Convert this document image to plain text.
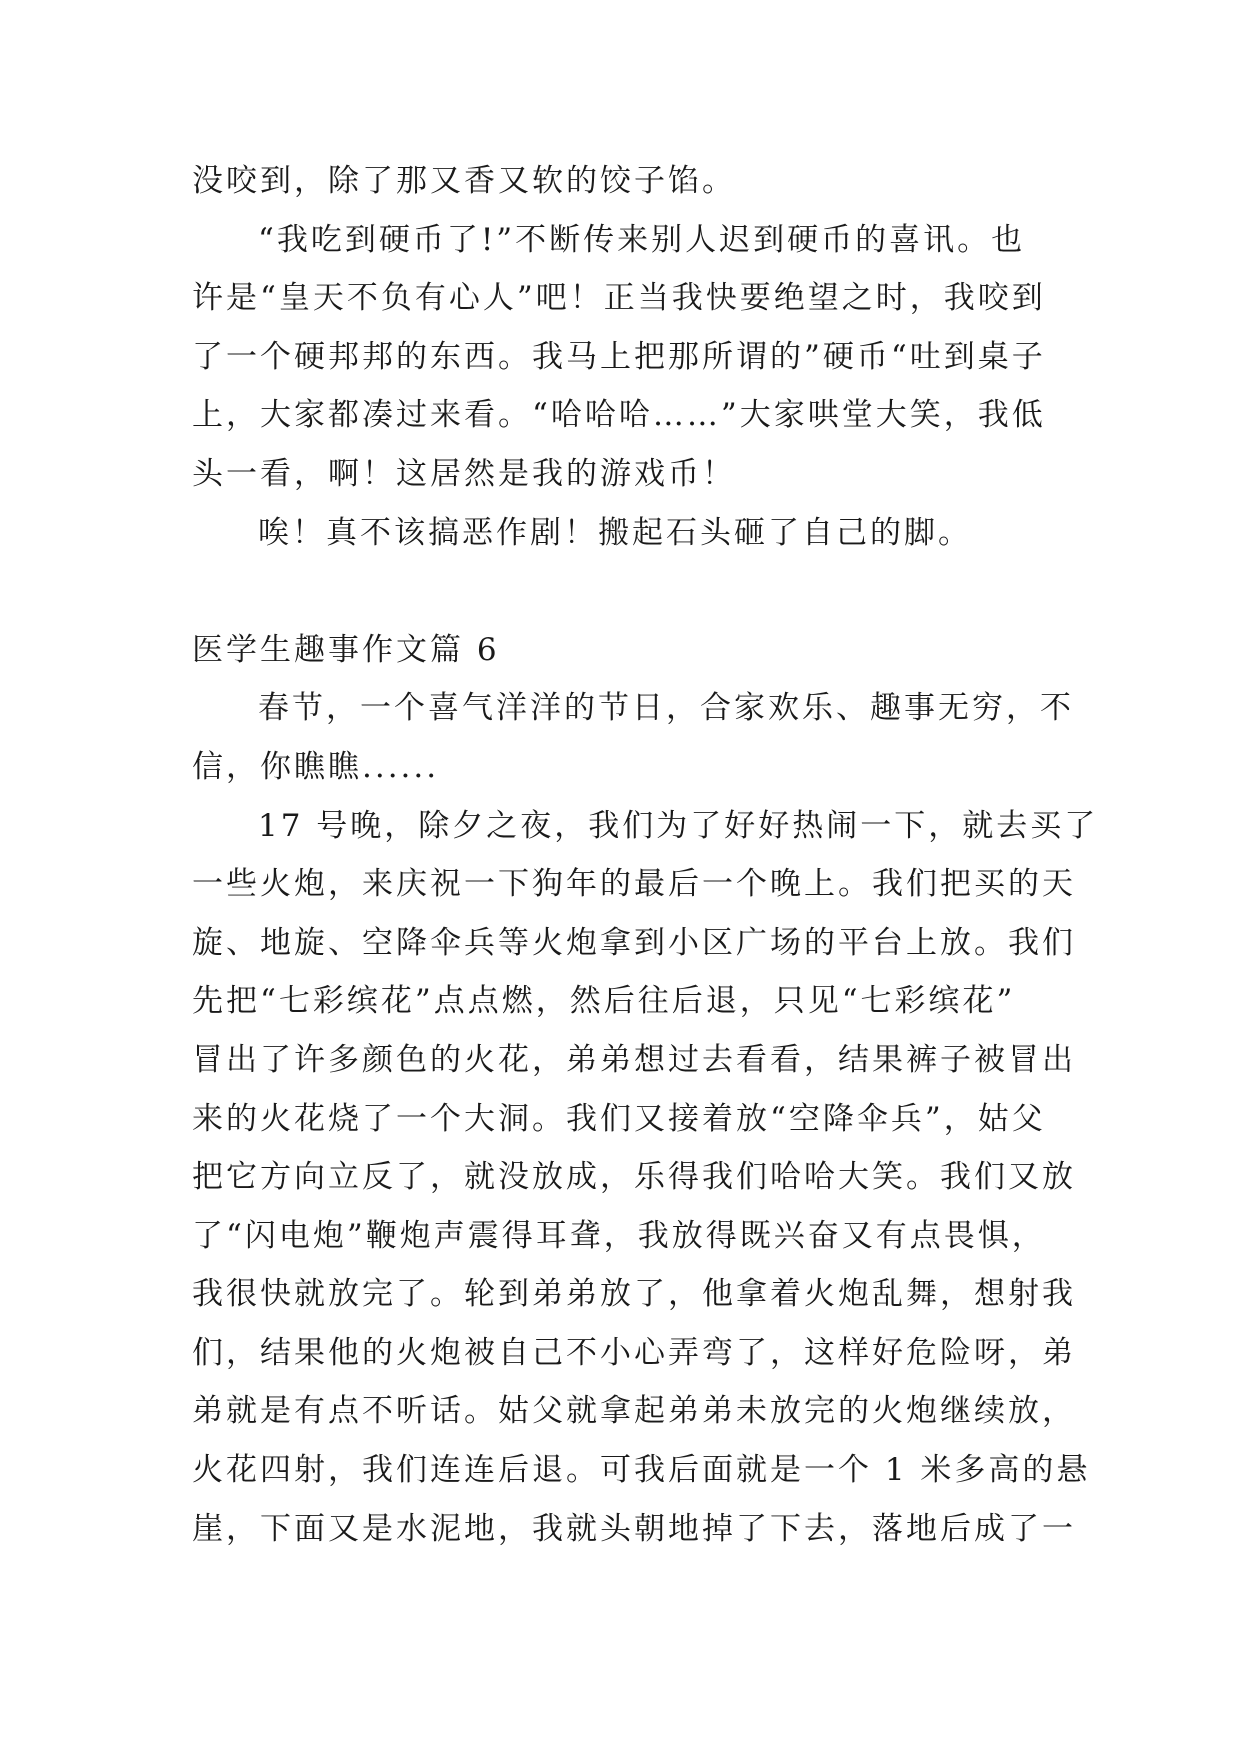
没咬到，除了那又香又软的饺子馅。
“我吃到硬币了!”不断传来别人迟到硬币的喜讯。也
许是“皇天不负有心人”吧！正当我快要绝望之时，我咬到
了一个硬邦邦的东西。我马上把那所谓的”硬币“吐到桌子
上，大家都凑过来看。“哈哈哈……”大家哄堂大笑，我低
头一看，啊！这居然是我的游戏币！
唉！真不该搞恶作剧！搬起石头砸了自己的脚。
医学生趣事作文篇 6
春节，一个喜气洋洋的节日，合家欢乐、趣事无穷，不
信，你瞧瞧......
17 号晚，除夕之夜，我们为了好好热闹一下，就去买了
一些火炮，来庆祝一下狗年的最后一个晚上。我们把买的天
旋、地旋、空降伞兵等火炮拿到小区广场的平台上放。我们
先把“七彩缤花”点点燃，然后往后退，只见“七彩缤花”
冒出了许多颜色的火花，弟弟想过去看看，结果裤子被冒出
来的火花烧了一个大洞。我们又接着放“空降伞兵”，姑父
把它方向立反了，就没放成，乐得我们哈哈大笑。我们又放
了“闪电炮”鞭炮声震得耳聋，我放得既兴奋又有点畏惧，
我很快就放完了。轮到弟弟放了，他拿着火炮乱舞，想射我
们，结果他的火炮被自己不小心弄弯了，这样好危险呀，弟
弟就是有点不听话。姑父就拿起弟弟未放完的火炮继续放，
火花四射，我们连连后退。可我后面就是一个 1 米多高的悬
崖，下面又是水泥地，我就头朝地掉了下去，落地后成了一
